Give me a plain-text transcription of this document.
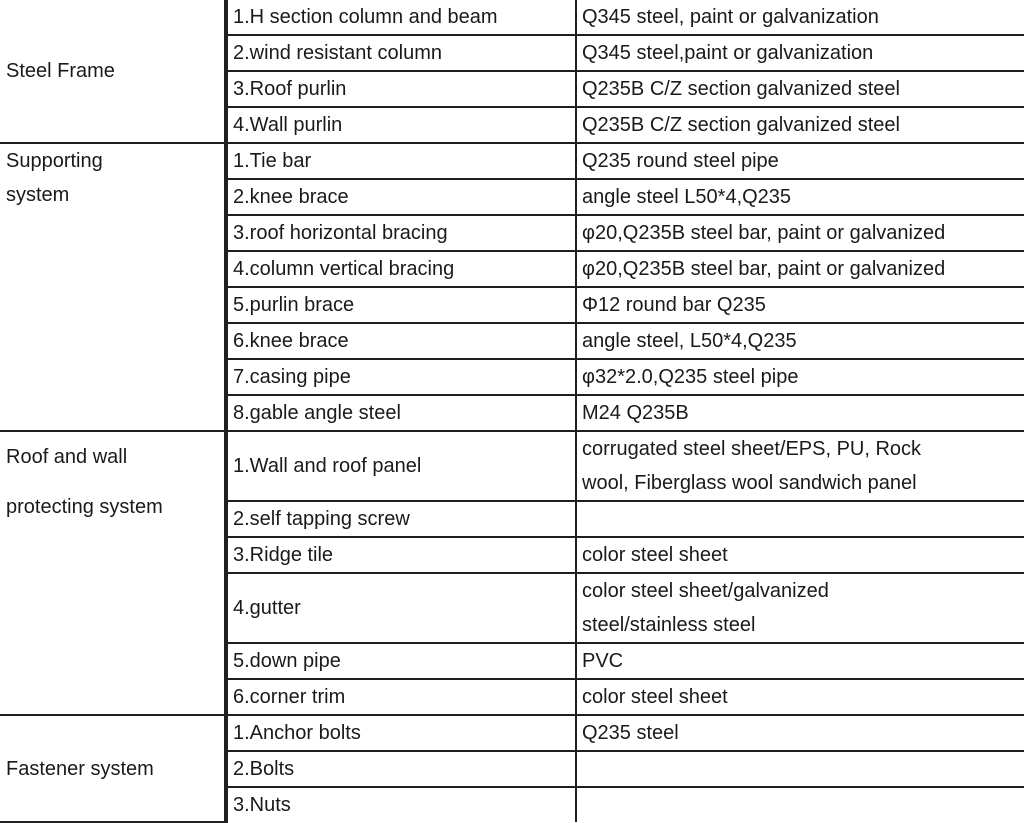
Steel Frame	1.H section column and beam	Q345 steel, paint or galvanization
	2.wind resistant column	Q345 steel,paint or galvanization
	3.Roof purlin	Q235B C/Z section galvanized steel
	4.Wall purlin	Q235B C/Z section galvanized steel

Supporting
system	1.Tie bar	Q235 round steel pipe
	2.knee brace	angle steel L50*4,Q235
	3.roof horizontal bracing	φ20,Q235B steel bar, paint or galvanized
	4.column vertical bracing	φ20,Q235B steel bar, paint or galvanized
	5.purlin brace	Φ12 round bar Q235
	6.knee brace	angle steel, L50*4,Q235
	7.casing pipe	φ32*2.0,Q235 steel pipe
	8.gable angle steel	M24 Q235B

Roof and wall
protecting system	1.Wall and roof panel	corrugated steel sheet/EPS, PU, Rock
wool, Fiberglass wool sandwich panel

	2.self tapping screw	
	3.Ridge tile	color steel sheet
	4.gutter	color steel sheet/galvanized
steel/stainless steel

	5.down pipe	PVC
	6.corner trim	color steel sheet

Fastener system	1.Anchor bolts	Q235 steel
	2.Bolts	
	3.Nuts	
